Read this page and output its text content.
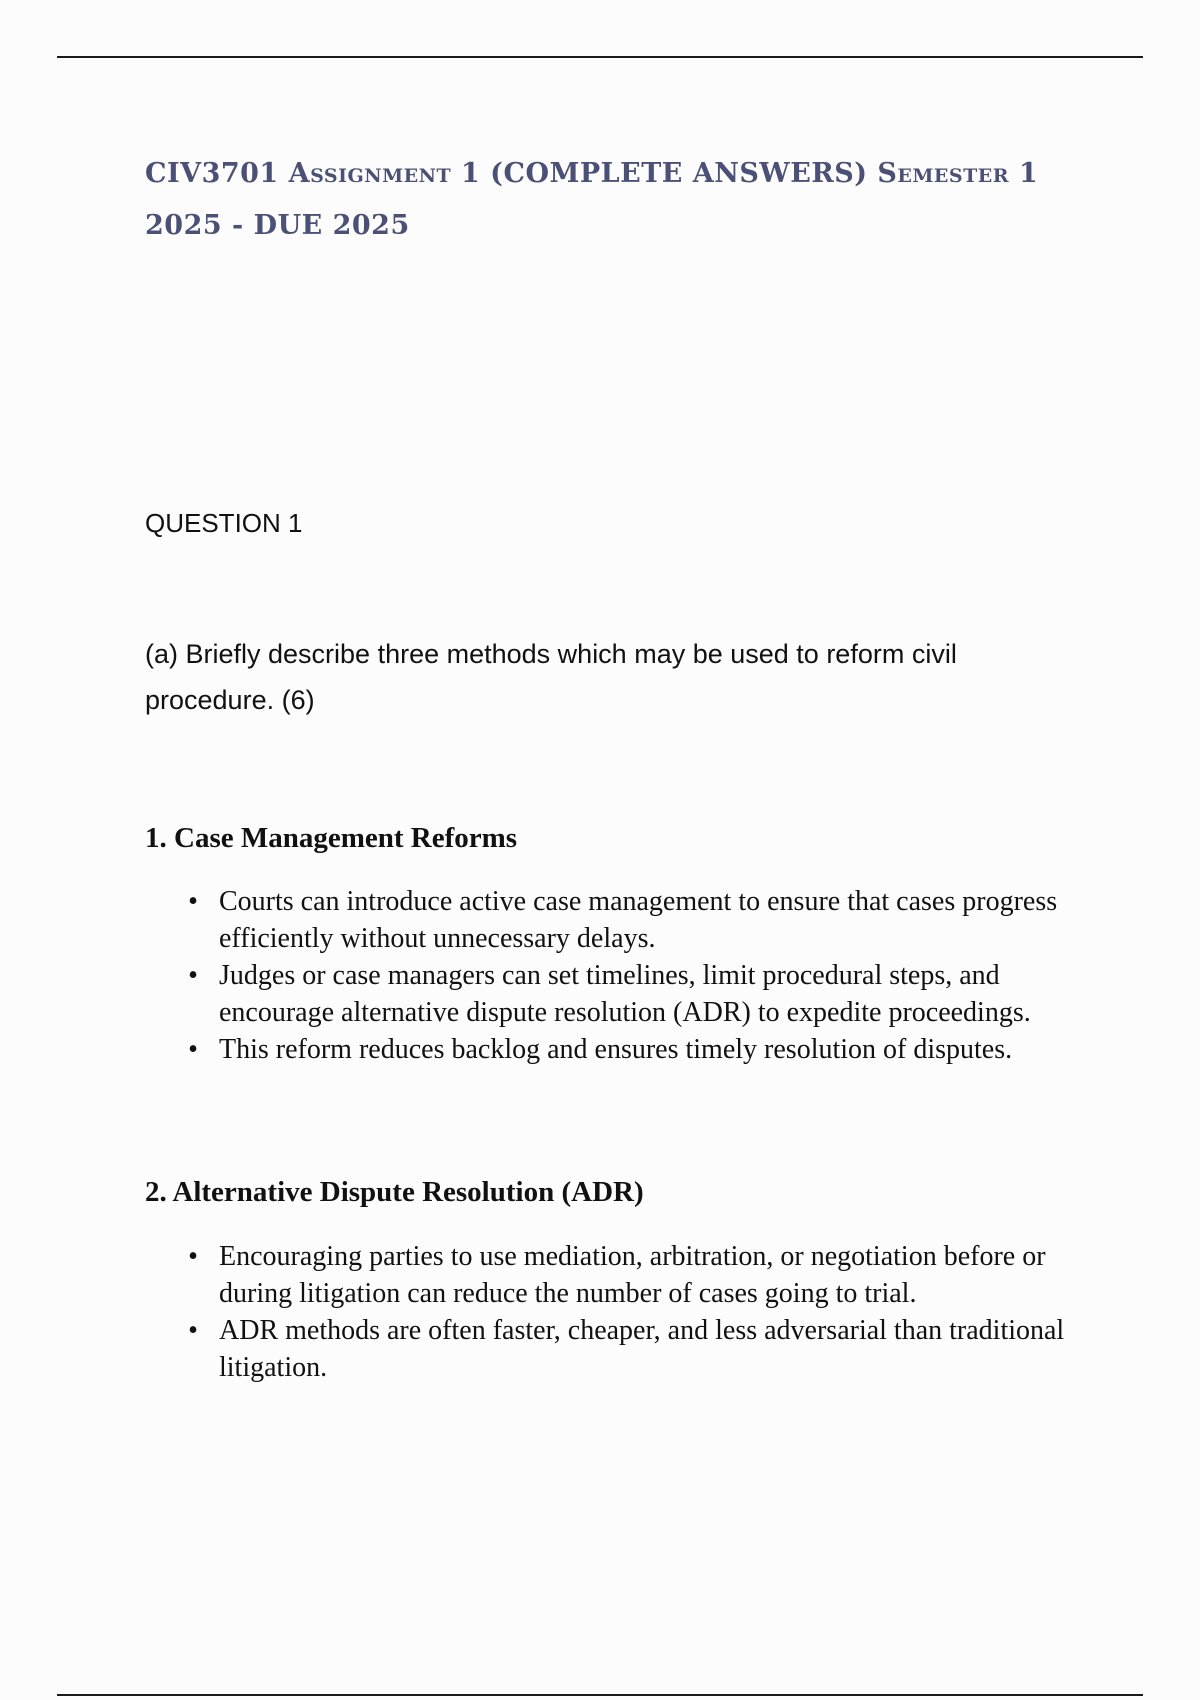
CIV3701 Assignment 1 (COMPLETE ANSWERS) Semester 1 2025 - DUE 2025

QUESTION 1

(a) Briefly describe three methods which may be used to reform civil procedure. (6)

1. Case Management Reforms
• Courts can introduce active case management to ensure that cases progress efficiently without unnecessary delays.
• Judges or case managers can set timelines, limit procedural steps, and encourage alternative dispute resolution (ADR) to expedite proceedings.
• This reform reduces backlog and ensures timely resolution of disputes.
2. Alternative Dispute Resolution (ADR)
• Encouraging parties to use mediation, arbitration, or negotiation before or during litigation can reduce the number of cases going to trial.
• ADR methods are often faster, cheaper, and less adversarial than traditional litigation.
